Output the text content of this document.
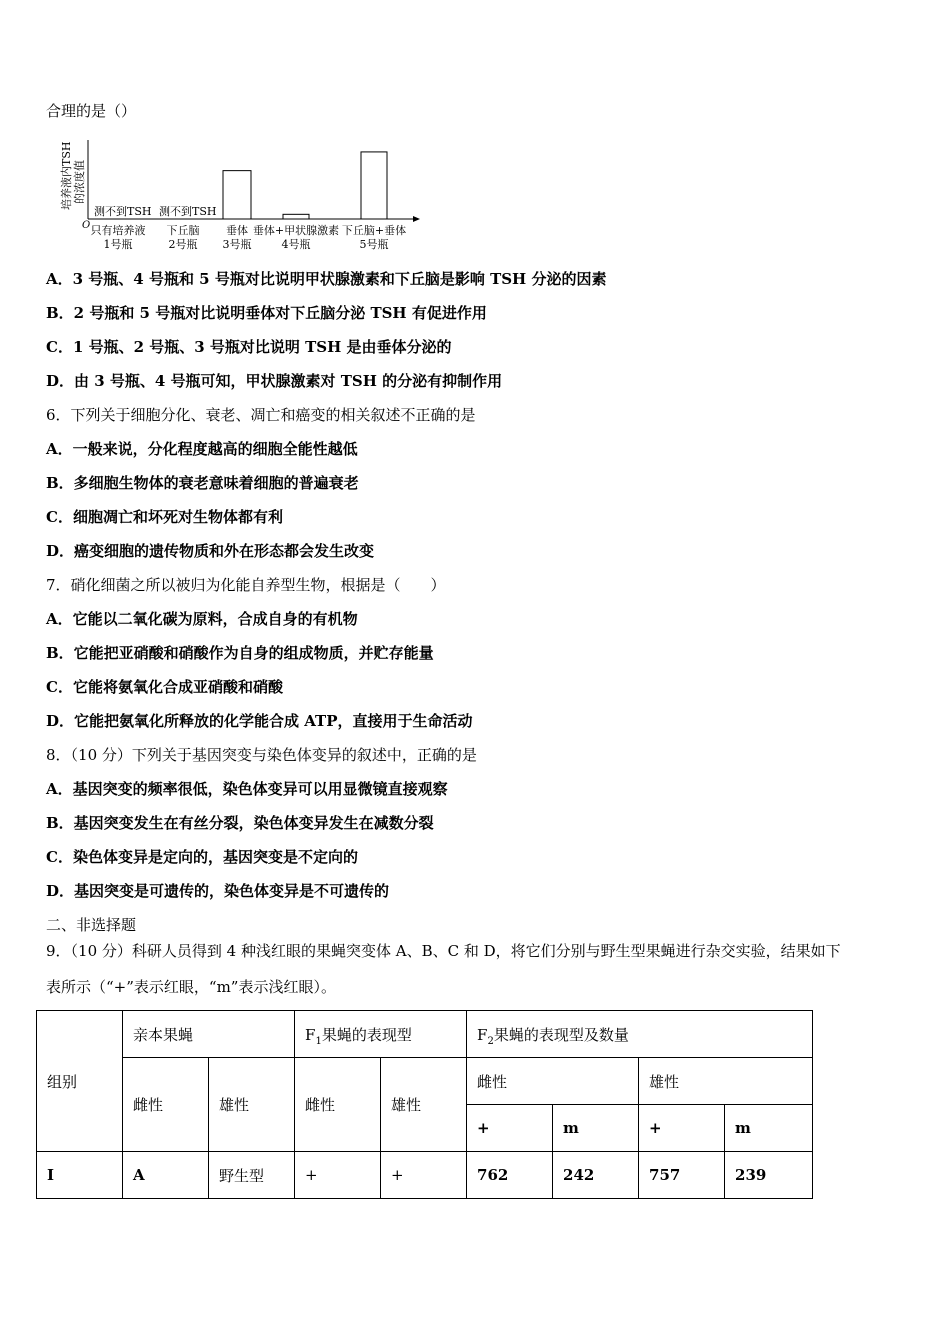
合理的是（）
培养液内TSH 的浓度值
O
测不到TSH
只有培养液
1号瓶
测不到TSH
下丘脑
2号瓶
垂体
3号瓶
垂体+甲状腺激素
4号瓶
下丘脑+垂体
5号瓶
A．3 号瓶、4 号瓶和 5 号瓶对比说明甲状腺激素和下丘脑是影响 TSH 分泌的因素
B．2 号瓶和 5 号瓶对比说明垂体对下丘脑分泌 TSH 有促进作用
C．1 号瓶、2 号瓶、3 号瓶对比说明 TSH 是由垂体分泌的
D．由 3 号瓶、4 号瓶可知，甲状腺激素对 TSH 的分泌有抑制作用
6．下列关于细胞分化、衰老、凋亡和癌变的相关叙述不正确的是
A．一般来说，分化程度越高的细胞全能性越低
B．多细胞生物体的衰老意味着细胞的普遍衰老
C．细胞凋亡和坏死对生物体都有利
D．癌变细胞的遗传物质和外在形态都会发生改变
7．硝化细菌之所以被归为化能自养型生物，根据是（　　）
A．它能以二氧化碳为原料，合成自身的有机物
B．它能把亚硝酸和硝酸作为自身的组成物质，并贮存能量
C．它能将氨氧化合成亚硝酸和硝酸
D．它能把氨氧化所释放的化学能合成 ATP，直接用于生命活动
8．（10 分）下列关于基因突变与染色体变异的叙述中，正确的是
A．基因突变的频率很低，染色体变异可以用显微镜直接观察
B．基因突变发生在有丝分裂，染色体变异发生在减数分裂
C．染色体变异是定向的，基因突变是不定向的
D．基因突变是可遗传的，染色体变异是不可遗传的
二、非选择题
9．（10 分）科研人员得到 4 种浅红眼的果蝇突变体 A、B、C 和 D，将它们分别与野生型果蝇进行杂交实验，结果如下
表所示（“+”表示红眼，“m”表示浅红眼）。
组别	亲本果蝇		$F_1$果蝇的表现型		$F_2$果蝇的表现型及数量			
	雌性	雄性	雌性	雄性	雌性		雄性	
					+	m	+	m
I	A	野生型	+	+	762	242	757	239
